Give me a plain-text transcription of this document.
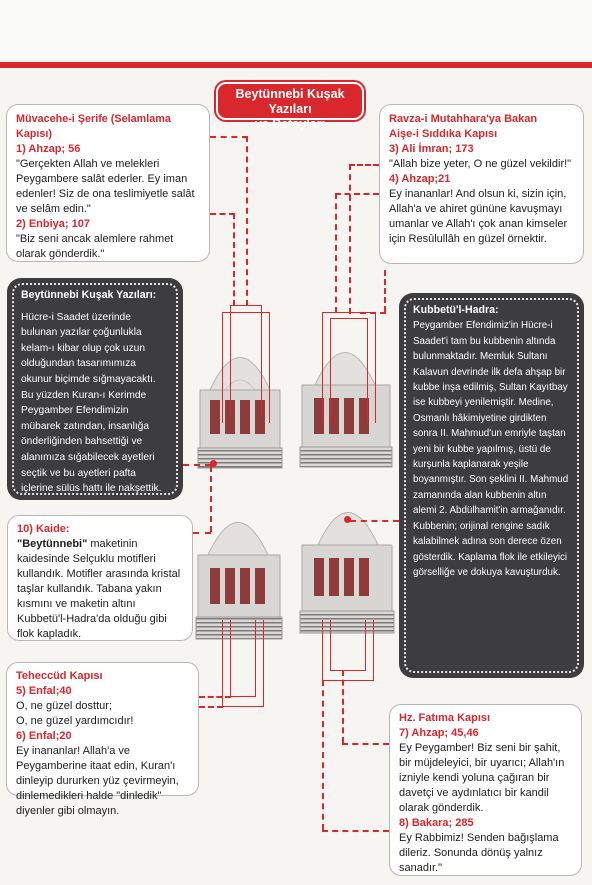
Beytünnebi Kuşak Yazıları
ve Detayları
Müvacehe-i Şerife (Selamlama Kapısı)
1) Ahzap; 56

"Gerçekten Allah ve melekleri Peygambere salât ederler. Ey iman edenler! Siz de ona teslimiyetle salât ve selâm edin."

2) Enbiya; 107

"Biz seni ancak alemlere rahmet olarak gönderdik."

Ravza-i Mutahhara'ya Bakan
Aişe-i Sıddıka Kapısı
3) Ali İmran; 173

"Allah bize yeter, O ne güzel vekildir!"

4) Ahzap;21

Ey inananlar! And olsun ki, sizin için, Allah'a ve ahiret gününe kavuşmayı umanlar ve Allah'ı çok anan kimseler için Resûlullâh en güzel örnektir.

Beytünnebi Kuşak Yazıları:

Hücre-i Saadet üzerinde bulunan yazılar çoğunlukla kelam-ı kibar olup çok uzun olduğundan tasarımımıza okunur biçimde sığmayacaktı. Bu yüzden Kuran-ı Kerimde Peygamber Efendimizin mübarek zatından, insanlığa önderliğinden bahsettiği ve alanımıza sığabilecek ayetleri seçtik ve bu ayetleri pafta içlerine sülüs hattı ile nakşettik.

Kubbetü'l-Hadra:

Peygamber Efendimiz'in Hücre-i Saadet'i tam bu kubbenin altında bulunmaktadır. Memluk Sultanı Kalavun devrinde ilk defa ahşap bir kubbe inşa edilmiş, Sultan Kayıtbay ise kubbeyi yenilemiştir. Medine, Osmanlı hâkimiyetine girdikten sonra II. Mahmud'un emriyle taştan yeni bir kubbe yapılmış, üstü de kurşunla kaplanarak yeşile boyanmıştır. Son şeklini II. Mahmud zamanında alan kubbenin altın alemi 2. Abdülhamit'in armağanıdır. Kubbenin; orijinal rengine sadık kalabilmek adına son derece özen gösterdik. Kaplama flok ile etkileyici görselliğe ve dokuya kavuşturduk.

10) Kaide:

"Beytünnebi" maketinin kaidesinde Selçuklu motifleri kullandık. Motifler arasında kristal taşlar kullandık. Tabana yakın kısmını ve maketin altını Kubbetü'l-Hadra'da olduğu gibi flok kapladık.

Teheccüd Kapısı
5) Enfal;40
O, ne güzel dosttur;
O, ne güzel yardımcıdır!
6) Enfal;20

Ey inananlar! Allah'a ve Peygamberine itaat edin, Kuran'ı dinleyip dururken yüz çevirmeyin, dinlemedikleri halde "dinledik" diyenler gibi olmayın.

Hz. Fatıma Kapısı
7) Ahzap; 45,46

Ey Peygamber! Biz seni bir şahit, bir müjdeleyici, bir uyarıcı; Allah'ın izniyle kendi yoluna çağıran bir davetçi ve aydınlatıcı bir kandil olarak gönderdik.

8) Bakara; 285

Ey Rabbimiz! Senden bağışlama dileriz. Sonunda dönüş yalnız sanadır."
